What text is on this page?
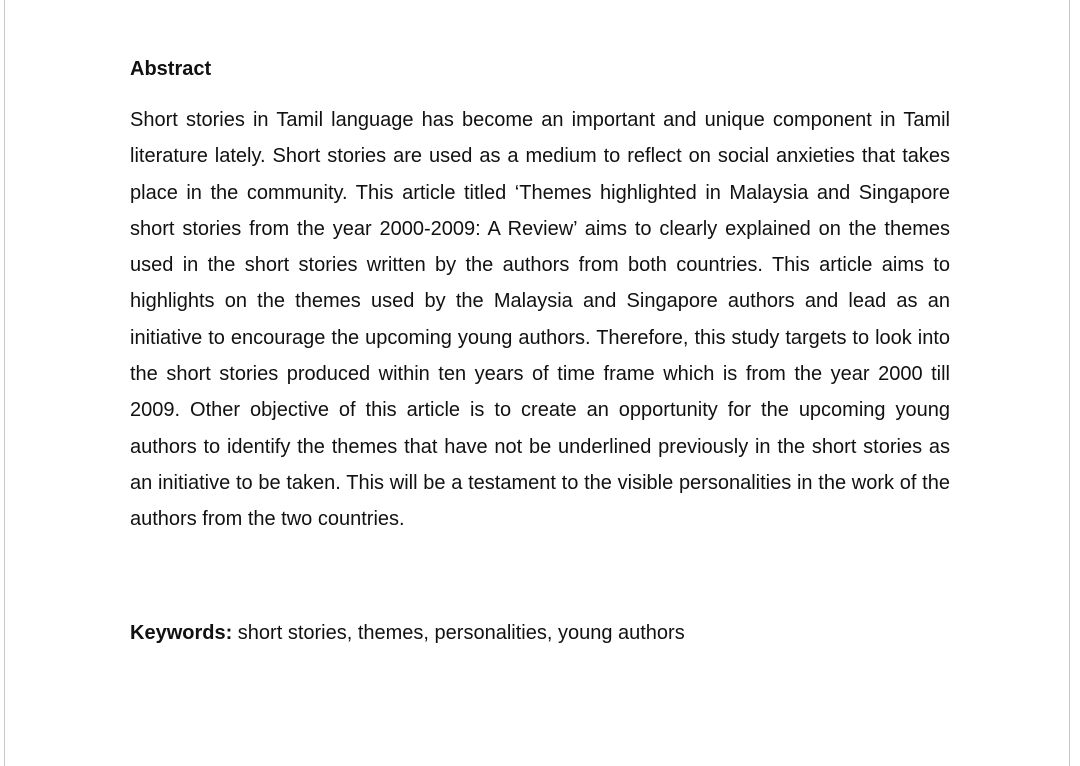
Abstract

Short stories in Tamil language has become an important and unique component in Tamil literature lately. Short stories are used as a medium to reflect on social anxieties that takes place in the community. This article titled ‘Themes highlighted in Malaysia and Singapore short stories from the year 2000-2009: A Review’ aims to clearly explained on the themes used in the short stories written by the authors from both countries. This article aims to highlights on the themes used by the Malaysia and Singapore authors and lead as an initiative to encourage the upcoming young authors. Therefore, this study targets to look into the short stories produced within ten years of time frame which is from the year 2000 till 2009. Other objective of this article is to create an opportunity for the upcoming young authors to identify the themes that have not be underlined previously in the short stories as an initiative to be taken. This will be a testament to the visible personalities in the work of the authors from the two countries.

Keywords: short stories, themes, personalities, young authors
